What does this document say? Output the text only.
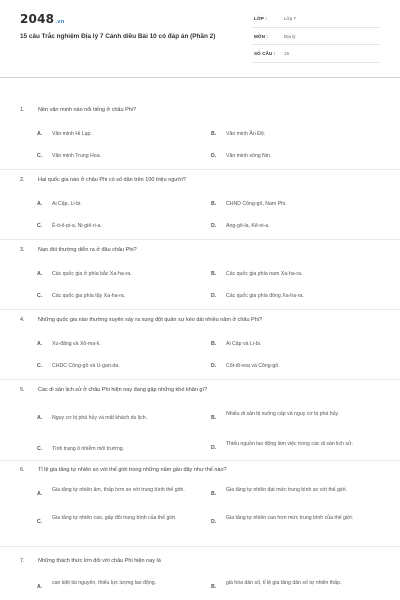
2048.vn
15 câu Trắc nghiệm Địa lý 7 Cánh diều Bài 10 có đáp án (Phần 2)
LỚP :	Lớp 7
MÔN :	Địa lý
SỐ CÂU : 15
1. Nền văn minh nào nổi tiếng ở châu Phi?
A. Văn minh Hi Lạp.	B. Văn minh Ấn Độ.
C. Văn minh Trung Hoa.	D. Văn minh sông Nin.
2. Hai quốc gia nào ở châu Phi có số dân trên 100 triệu người?
A. Ai Cập, Li-bi.	B. CHND Công-gô, Nam Phi.
C. Ê-ti-ô-pi-a, Ni-giê-ri-a.	D. Ang-gô-la, Kê-ni-a.
3. Nạn đói thường diễn ra ở đâu châu Phi?
A. Các quốc gia ở phía bắc Xa-ha-ra.	B. Các quốc gia phía nam Xa-ha-ra.
C. Các quốc gia phía tây Xa-ha-ra.	D. Các quốc gia phía đông Xa-ha-ra.
4. Những quốc gia nào thường xuyên xảy ra xung đột quân sự kéo dài nhiều năm ở châu Phi?
A. Xu-đăng và Xô-ma-li.	B. Ai Cập và Li-bi.
C. CHDC Công-gô và U-gan-da.	D. Cốt-đi-voa và Công-gô.
5. Các di sản lịch sử ở châu Phi hiện nay đang gặp những khó khăn gì?
A. Nguy cơ bị phá hủy và mất khách du lịch.	B.
Nhiều di sản bị xuống cấp và nguy cơ bị phá hủy.
C. Tình trạng ô nhiễm môi trường.	D.
Thiếu nguồn lao động làm việc trong các di sản lịch sử.
6. Tỉ lệ gia tăng tự nhiên so với thế giới trong những năm gần đây như thế nào?
A.
Gia tăng tự nhiên âm, thấp hơn so với trung bình thế giới.
B.
Gia tăng tự nhiên đạt mức trung bình so với thế giới.
C.
Gia tăng tự nhiên cao, gấp đôi trung bình của thế giới.
D.
Gia tăng tự nhiên cao hơn mức trung bình của thế giới.
7. Những thách thức lớn đối với châu Phi hiện nay là
A.
cạn kiệt tài nguyên, thiếu lực lượng lao động.
B.
già hóa dân số, tỉ lệ gia tăng dân số tự nhiên thấp.
